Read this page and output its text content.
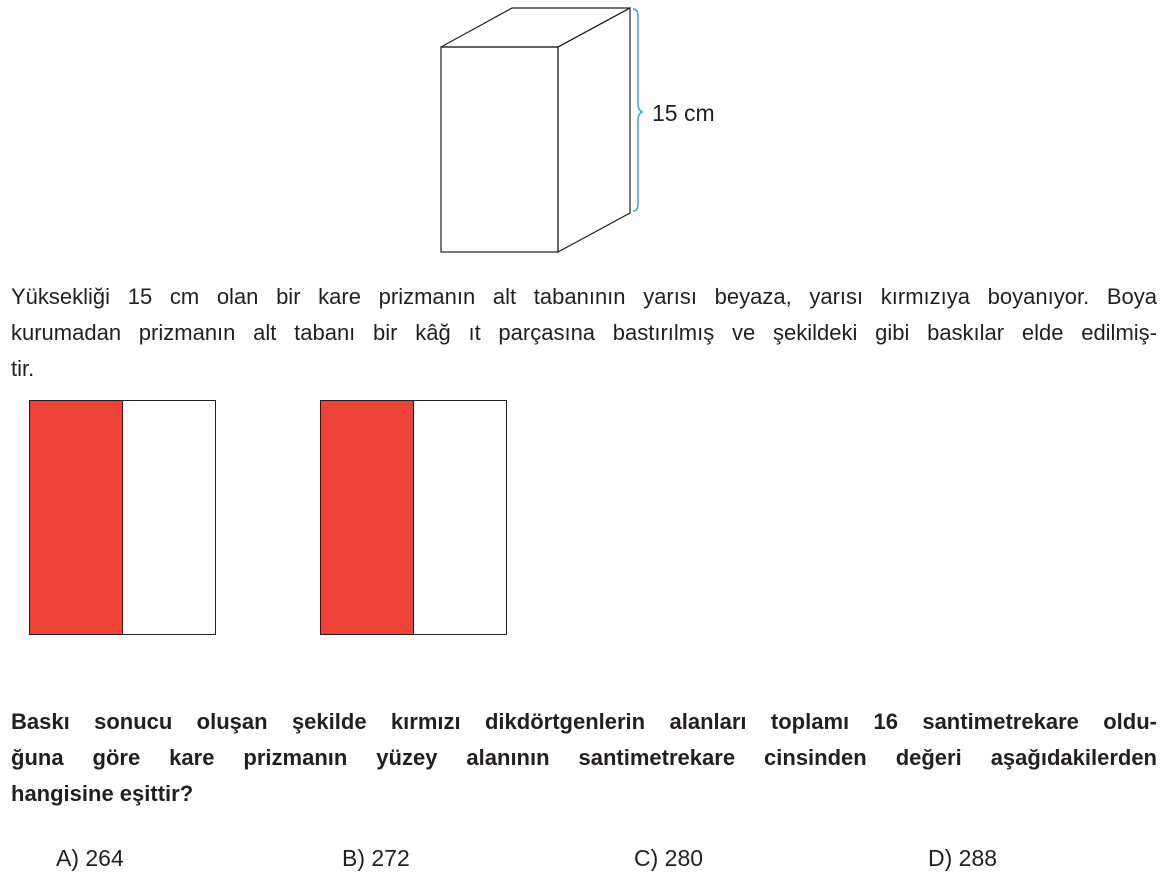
15 cm

Yüksekliği 15 cm olan bir kare prizmanın alt tabanının yarısı beyaza, yarısı kırmızıya boyanıyor. Boya
kurumadan prizmanın alt tabanı bir kâğ ıt parçasına bastırılmış ve şekildeki gibi baskılar elde edilmiş-
tir.

Baskı sonucu oluşan şekilde kırmızı dikdörtgenlerin alanları toplamı 16 santimetrekare oldu-
ğuna göre kare prizmanın yüzey alanının santimetrekare cinsinden değeri aşağıdakilerden
hangisine eşittir?

A) 264	B) 272	C) 280	D) 288
